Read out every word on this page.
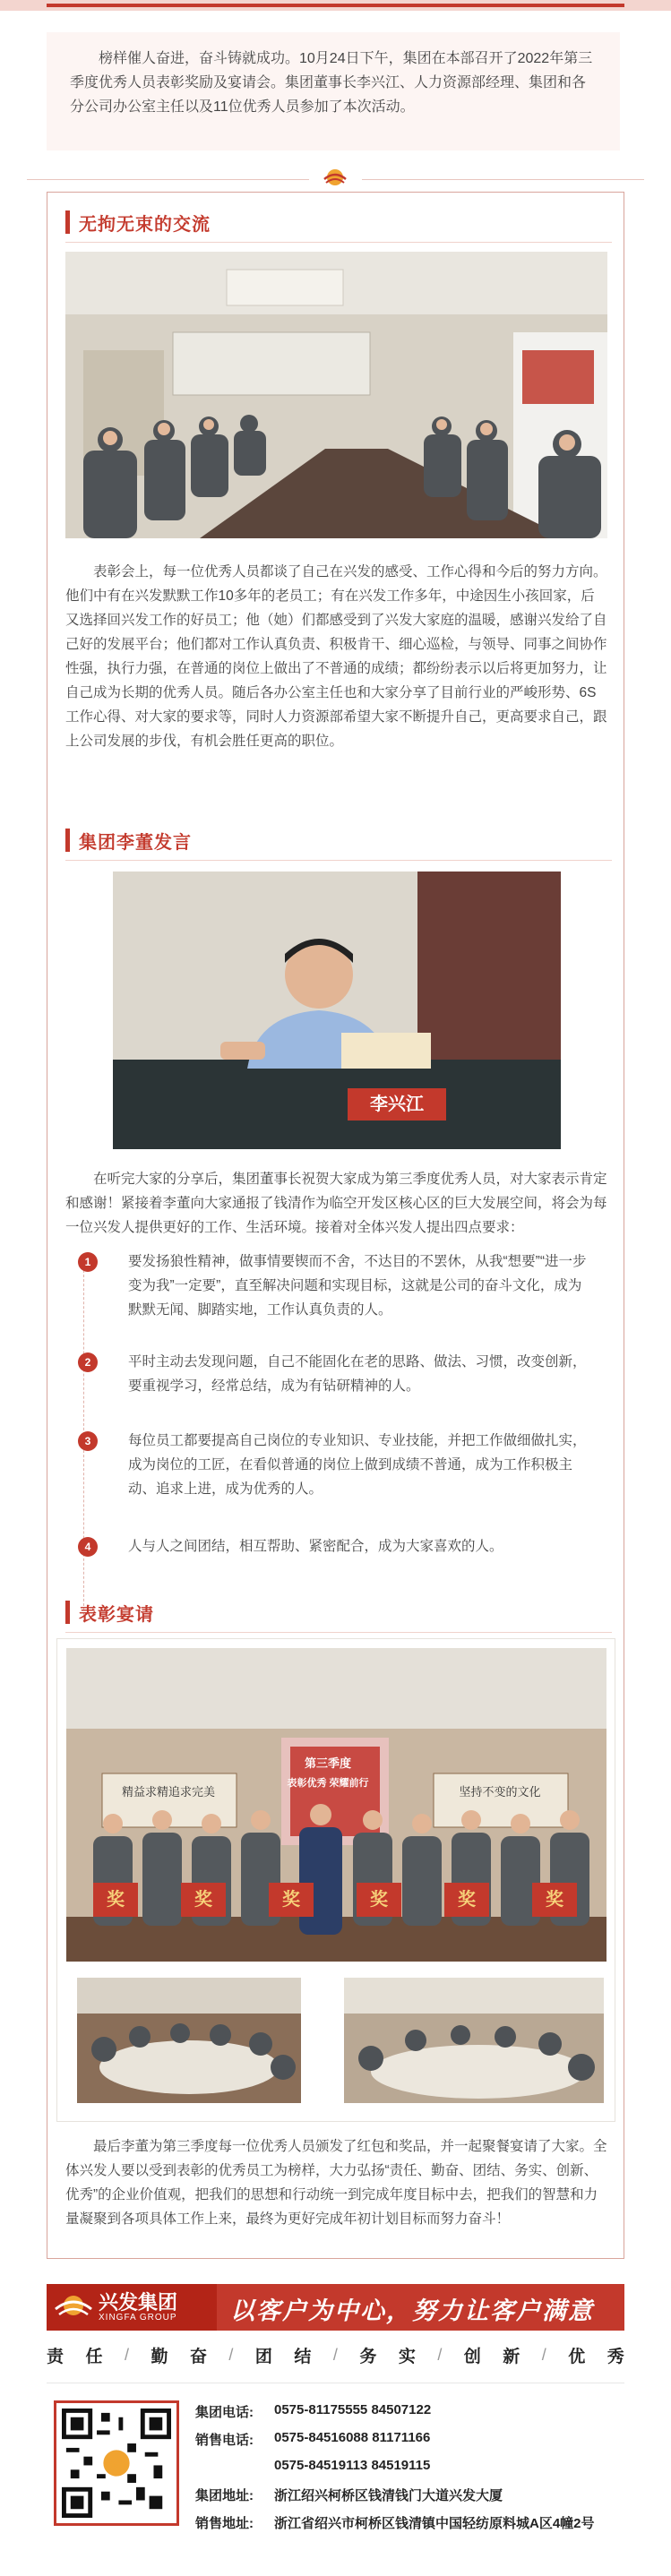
榜样催人奋进，奋斗铸就成功。10月24日下午，集团在本部召开了2022年第三季度优秀人员表彰奖励及宴请会。集团董事长李兴江、人力资源部经理、集团和各分公司办公室主任以及11位优秀人员参加了本次活动。
无拘无束的交流
表彰会上，每一位优秀人员都谈了自己在兴发的感受、工作心得和今后的努力方向。他们中有在兴发默默工作10多年的老员工；有在兴发工作多年，中途因生小孩回家，后又选择回兴发工作的好员工；他（她）们都感受到了兴发大家庭的温暖，感谢兴发给了自己好的发展平台；他们都对工作认真负责、积极肯干、细心巡检，与领导、同事之间协作性强，执行力强，在普通的岗位上做出了不普通的成绩；都纷纷表示以后将更加努力，让自己成为长期的优秀人员。随后各办公室主任也和大家分享了目前行业的严峻形势、6S工作心得、对大家的要求等，同时人力资源部希望大家不断提升自己，更高要求自己，跟上公司发展的步伐，有机会胜任更高的职位。
集团李董发言
李兴江
在听完大家的分享后，集团董事长祝贺大家成为第三季度优秀人员，对大家表示肯定和感谢！紧接着李董向大家通报了钱清作为临空开发区核心区的巨大发展空间，将会为每一位兴发人提供更好的工作、生活环境。接着对全体兴发人提出四点要求：
1	要发扬狼性精神，做事情要锲而不舍，不达目的不罢休，从我“想要”“进一步变为我”一定要”，直至解决问题和实现目标，这就是公司的奋斗文化，成为默默无闻、脚踏实地，工作认真负责的人。
2	平时主动去发现问题，自己不能固化在老的思路、做法、习惯，改变创新，要重视学习，经常总结，成为有钻研精神的人。
3	每位员工都要提高自己岗位的专业知识、专业技能，并把工作做细做扎实，成为岗位的工匠，在看似普通的岗位上做到成绩不普通，成为工作积极主动、追求上进，成为优秀的人。
4	人与人之间团结，相互帮助、紧密配合，成为大家喜欢的人。
表彰宴请
第三季度
表彰优秀 荣耀前行
精益求精追求完美	坚持不变的文化
奖	奖	奖	奖	奖	奖
最后李董为第三季度每一位优秀人员颁发了红包和奖品，并一起聚餐宴请了大家。全体兴发人要以受到表彰的优秀员工为榜样，大力弘扬“责任、勤奋、团结、务实、创新、优秀”的企业价值观，把我们的思想和行动统一到完成年度目标中去，把我们的智慧和力量凝聚到各项具体工作上来，最终为更好完成年初计划目标而努力奋斗！
兴发集团
XINGFA GROUP 以客户为中心，努力让客户满意
责 任 / 勤 奋 / 团 结 / 务 实 / 创 新 / 优 秀
集团电话:	0575-81175555 84507122
销售电话:	0575-84516088 81171166
0575-84519113 84519115
集团地址:	浙江绍兴柯桥区钱清钱门大道兴发大厦
销售地址:	浙江省绍兴市柯桥区钱清镇中国轻纺原料城A区4幢2号
